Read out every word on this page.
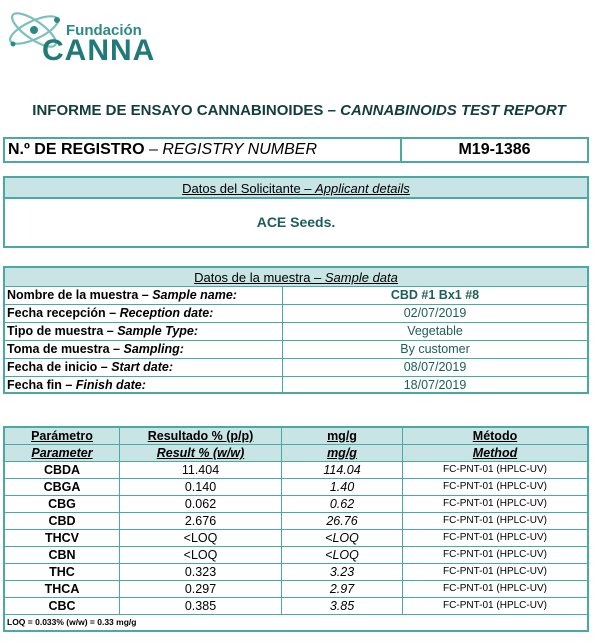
Fundación
CANNA
INFORME DE ENSAYO CANNABINOIDES – CANNABINOIDS TEST REPORT
N.º DE REGISTRO – REGISTRY NUMBER	M19-1386
Datos del Solicitante – Applicant details
ACE Seeds.
Datos de la muestra – Sample data
Nombre de la muestra – Sample name:	CBD #1 Bx1 #8
Fecha recepción – Reception date:	02/07/2019
Tipo de muestra – Sample Type:	Vegetable
Toma de muestra – Sampling:	By customer
Fecha de inicio – Start date:	08/07/2019
Fecha fin – Finish date:	18/07/2019
Parámetro	Resultado % (p/p)	mg/g	Método
Parameter	Result % (w/w)	mg/g	Method
CBDA	11.404	114.04	FC-PNT-01 (HPLC-UV)
CBGA	0.140	1.40	FC-PNT-01 (HPLC-UV)
CBG	0.062	0.62	FC-PNT-01 (HPLC-UV)
CBD	2.676	26.76	FC-PNT-01 (HPLC-UV)
THCV	<LOQ	<LOQ	FC-PNT-01 (HPLC-UV)
CBN	<LOQ	<LOQ	FC-PNT-01 (HPLC-UV)
THC	0.323	3.23	FC-PNT-01 (HPLC-UV)
THCA	0.297	2.97	FC-PNT-01 (HPLC-UV)
CBC	0.385	3.85	FC-PNT-01 (HPLC-UV)
LOQ = 0.033% (w/w) = 0.33 mg/g
